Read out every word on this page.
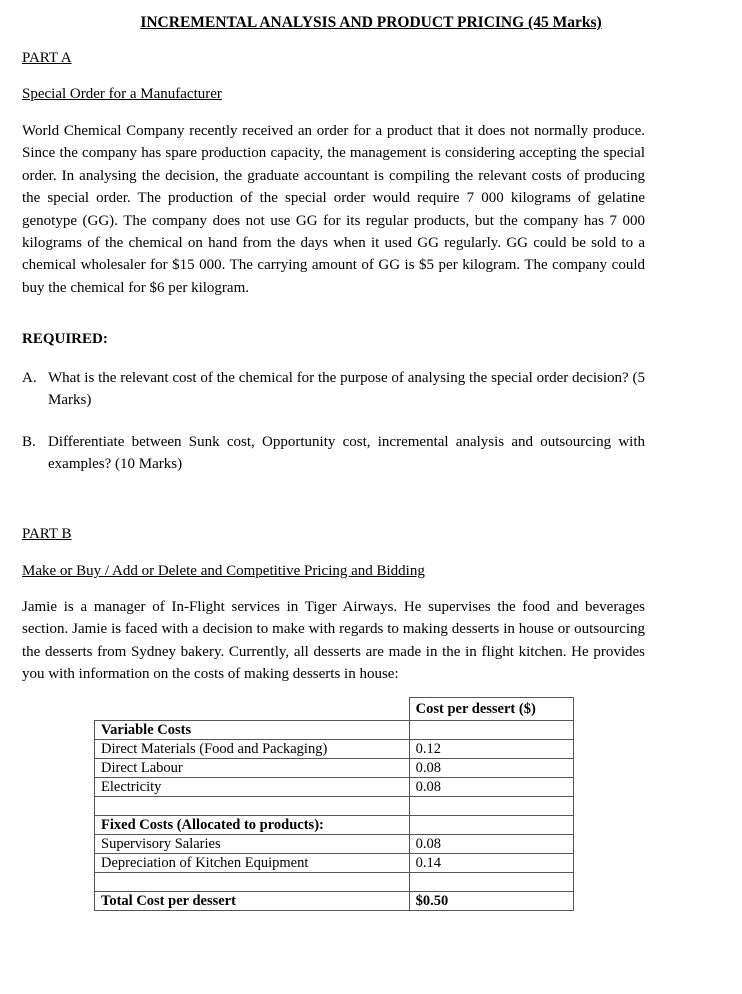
INCREMENTAL ANALYSIS AND PRODUCT PRICING (45 Marks)
PART A
Special Order for a Manufacturer
World Chemical Company recently received an order for a product that it does not normally produce. Since the company has spare production capacity, the management is considering accepting the special order. In analysing the decision, the graduate accountant is compiling the relevant costs of producing the special order. The production of the special order would require 7 000 kilograms of gelatine genotype (GG). The company does not use GG for its regular products, but the company has 7 000 kilograms of the chemical on hand from the days when it used GG regularly. GG could be sold to a chemical wholesaler for $15 000. The carrying amount of GG is $5 per kilogram. The company could buy the chemical for $6 per kilogram.
REQUIRED:
A. What is the relevant cost of the chemical for the purpose of analysing the special order decision? (5 Marks)
B. Differentiate between Sunk cost, Opportunity cost, incremental analysis and outsourcing with examples? (10 Marks)
PART B
Make or Buy / Add or Delete and Competitive Pricing and Bidding
Jamie is a manager of In-Flight services in Tiger Airways. He supervises the food and beverages section. Jamie is faced with a decision to make with regards to making desserts in house or outsourcing the desserts from Sydney bakery. Currently, all desserts are made in the in flight kitchen. He provides you with information on the costs of making desserts in house:
	Cost per dessert ($)
Variable Costs	
Direct Materials (Food and Packaging)	0.12
Direct Labour	0.08
Electricity	0.08

Fixed Costs (Allocated to products):	
Supervisory Salaries	0.08
Depreciation of Kitchen Equipment	0.14

Total Cost per dessert	$0.50
